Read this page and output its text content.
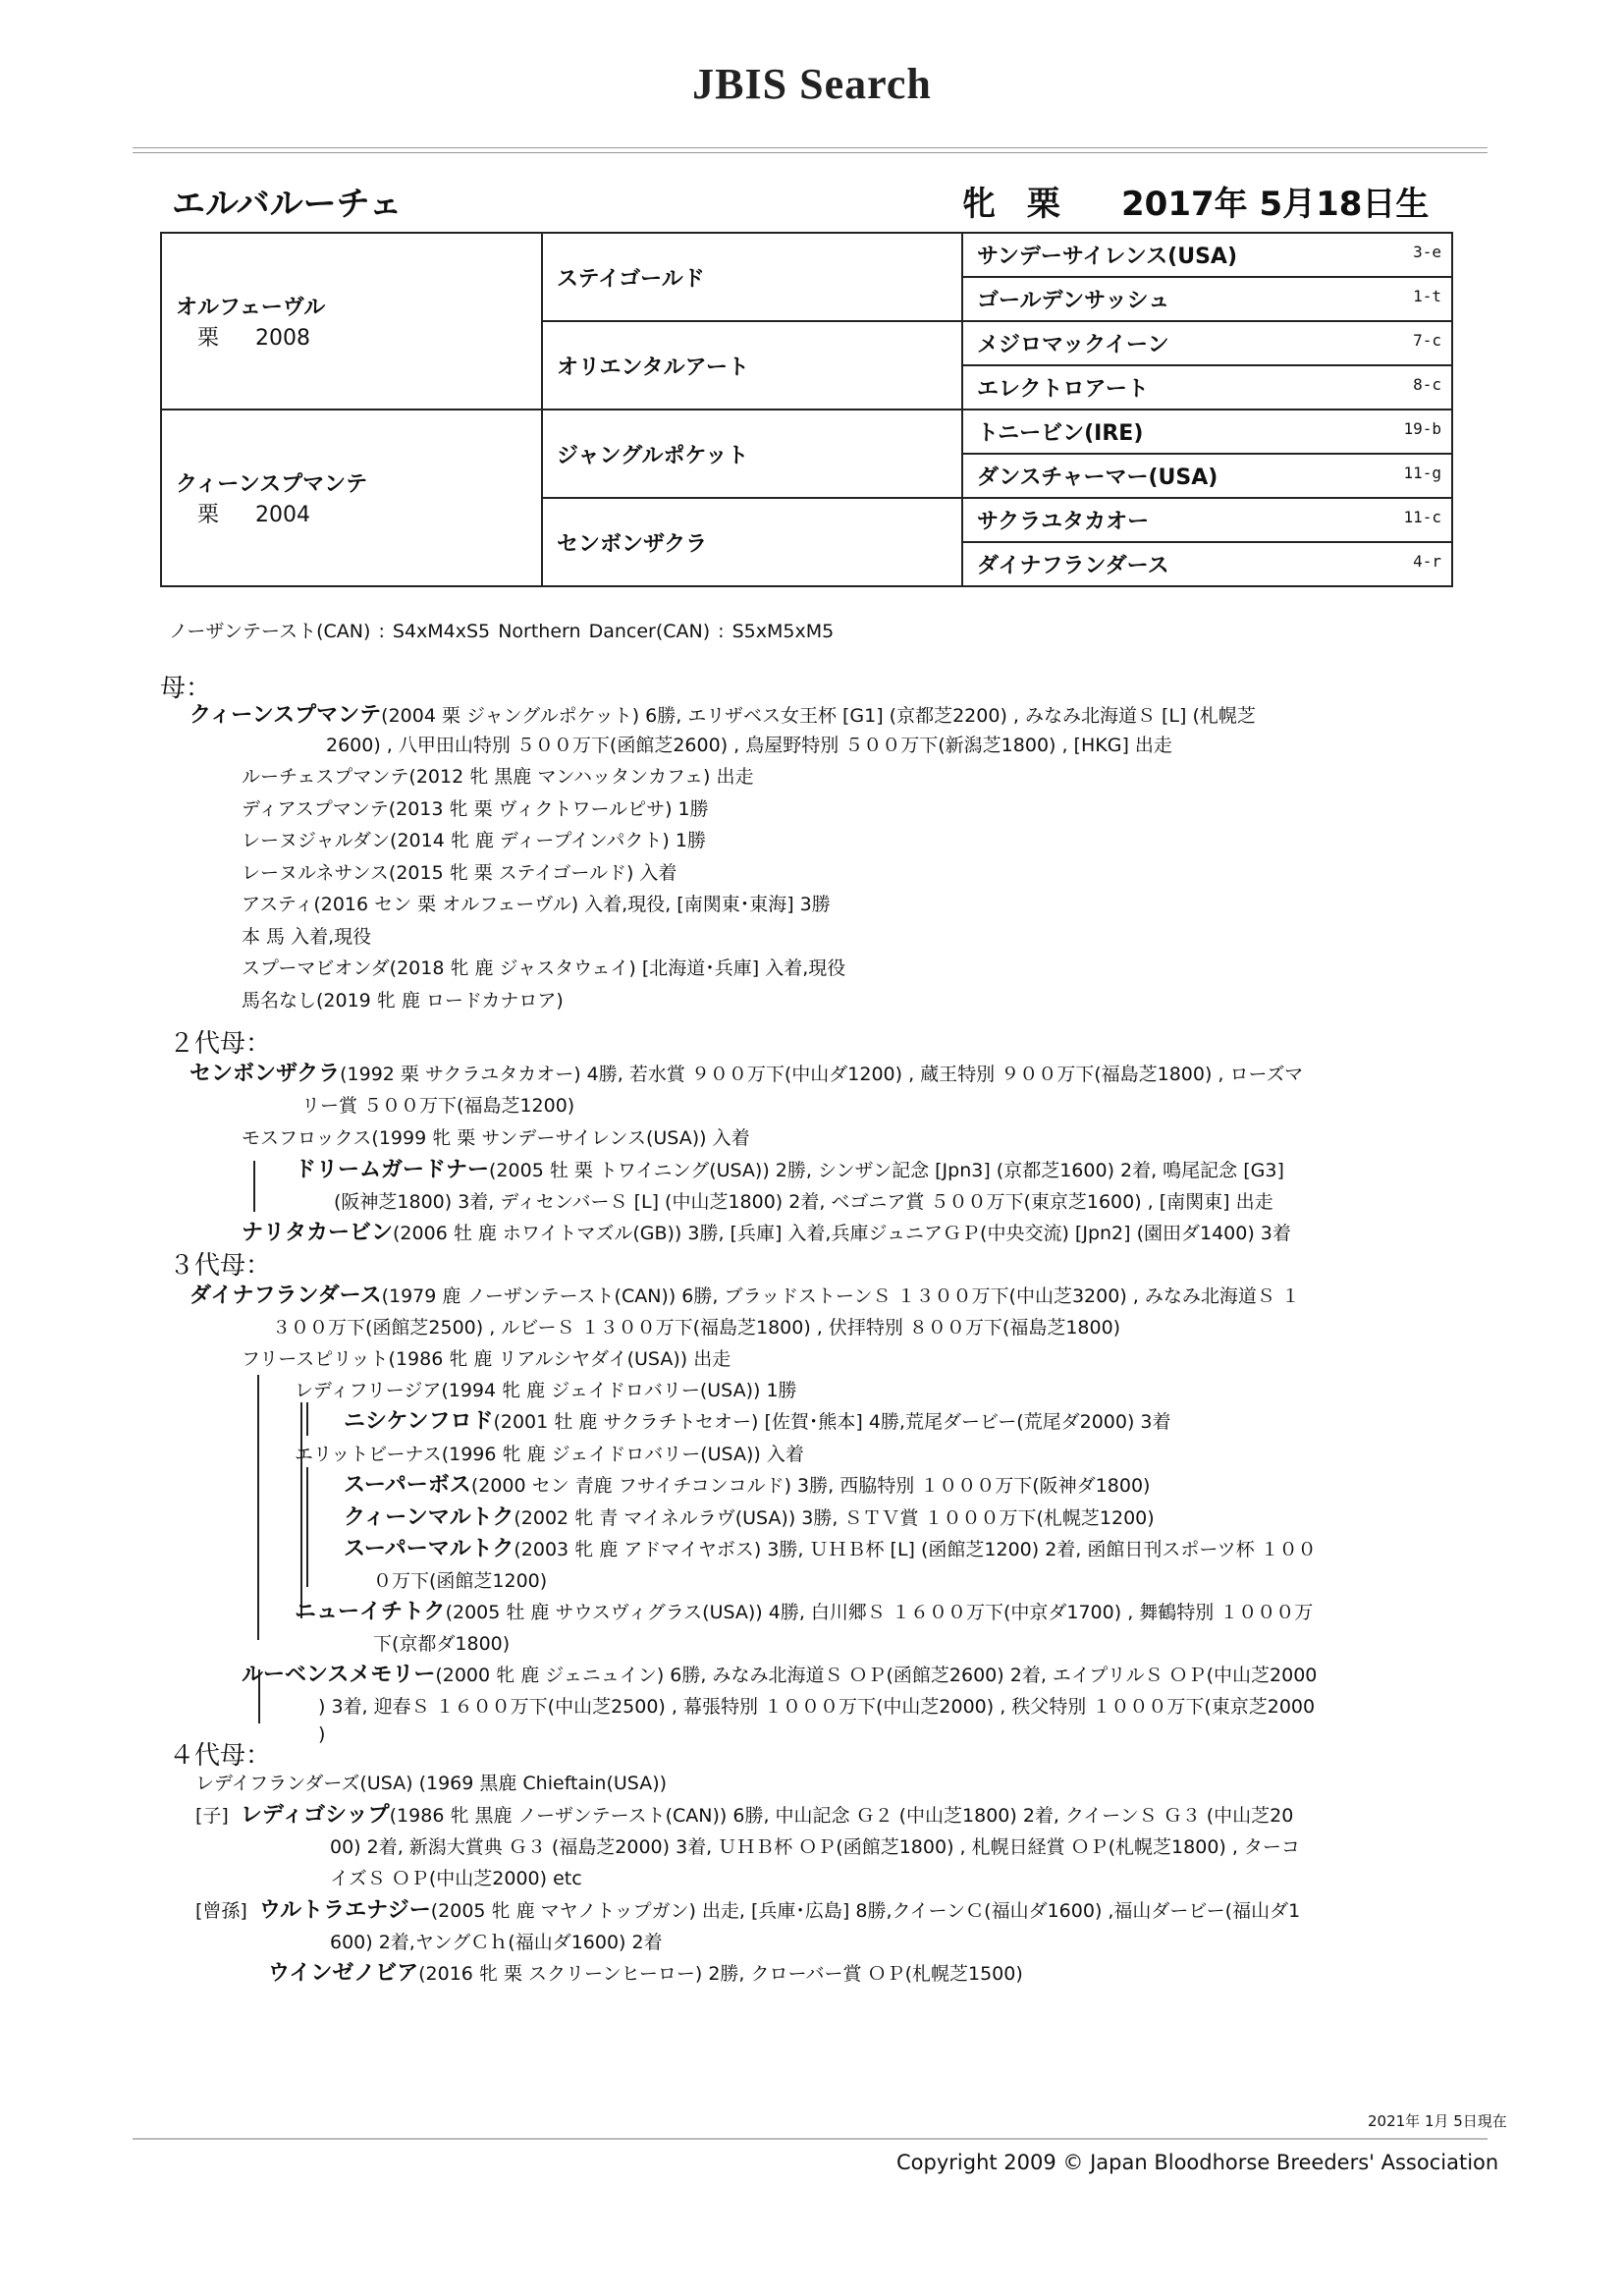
JBIS Search
エルバルーチェ	牝 栗 2017年 5月18日生
オルフェーヴル
栗 2008	ステイゴールド	サンデーサイレンス(USA) 3-e

		ゴールデンサッシュ 1-t

	オリエンタルアート	メジロマックイーン 7-c

		エレクトロアート 8-c

クィーンスプマンテ
栗 2004	ジャングルポケット	トニービン(IRE) 19-b

		ダンスチャーマー(USA) 11-g

	センボンザクラ	サクラユタカオー 11-c

		ダイナフランダース 4-r
ノーザンテースト(CAN) : S4xM4xS5 Northern Dancer(CAN) : S5xM5xM5
母：
２代母：
３代母：
４代母：
クィーンスプマンテ(2004 栗 ジャングルポケット) 6勝, エリザベス女王杯 [G1] (京都芝2200) , みなみ北海道Ｓ [L] (札幌芝
2600) , 八甲田山特別 ５００万下(函館芝2600) , 鳥屋野特別 ５００万下(新潟芝1800) , [HKG] 出走
ルーチェスプマンテ(2012 牝 黒鹿 マンハッタンカフェ) 出走
ディアスプマンテ(2013 牝 栗 ヴィクトワールピサ) 1勝
レーヌジャルダン(2014 牝 鹿 ディープインパクト) 1勝
レーヌルネサンス(2015 牝 栗 ステイゴールド) 入着
アスティ(2016 セン 栗 オルフェーヴル) 入着,現役, [南関東･東海] 3勝
本 馬 入着,現役
スプーマビオンダ(2018 牝 鹿 ジャスタウェイ) [北海道･兵庫] 入着,現役
馬名なし(2019 牝 鹿 ロードカナロア)
センボンザクラ(1992 栗 サクラユタカオー) 4勝, 若水賞 ９００万下(中山ダ1200) , 蔵王特別 ９００万下(福島芝1800) , ローズマ
リー賞 ５００万下(福島芝1200)
モスフロックス(1999 牝 栗 サンデーサイレンス(USA)) 入着
ドリームガードナー(2005 牡 栗 トワイニング(USA)) 2勝, シンザン記念 [Jpn3] (京都芝1600) 2着, 鳴尾記念 [G3]
(阪神芝1800) 3着, ディセンバーＳ [L] (中山芝1800) 2着, ベゴニア賞 ５００万下(東京芝1600) , [南関東] 出走
ナリタカービン(2006 牡 鹿 ホワイトマズル(GB)) 3勝, [兵庫] 入着,兵庫ジュニアＧＰ(中央交流) [Jpn2] (園田ダ1400) 3着
ダイナフランダース(1979 鹿 ノーザンテースト(CAN)) 6勝, ブラッドストーンＳ １３００万下(中山芝3200) , みなみ北海道Ｓ １
３００万下(函館芝2500) , ルビーＳ １３００万下(福島芝1800) , 伏拝特別 ８００万下(福島芝1800)
フリースピリット(1986 牝 鹿 リアルシヤダイ(USA)) 出走
レディフリージア(1994 牝 鹿 ジェイドロバリー(USA)) 1勝
ニシケンフロド(2001 牡 鹿 サクラチトセオー) [佐賀･熊本] 4勝,荒尾ダービー(荒尾ダ2000) 3着
エリットビーナス(1996 牝 鹿 ジェイドロバリー(USA)) 入着
スーパーボス(2000 セン 青鹿 フサイチコンコルド) 3勝, 西脇特別 １０００万下(阪神ダ1800)
クィーンマルトク(2002 牝 青 マイネルラヴ(USA)) 3勝, ＳＴＶ賞 １０００万下(札幌芝1200)
スーパーマルトク(2003 牝 鹿 アドマイヤボス) 3勝, ＵＨＢ杯 [L] (函館芝1200) 2着, 函館日刊スポーツ杯 １００
０万下(函館芝1200)
ニューイチトク(2005 牡 鹿 サウスヴィグラス(USA)) 4勝, 白川郷Ｓ １６００万下(中京ダ1700) , 舞鶴特別 １０００万
下(京都ダ1800)
ルーベンスメモリー(2000 牝 鹿 ジェニュイン) 6勝, みなみ北海道Ｓ ＯＰ(函館芝2600) 2着, エイプリルＳ ＯＰ(中山芝2000
) 3着, 迎春Ｓ １６００万下(中山芝2500) , 幕張特別 １０００万下(中山芝2000) , 秩父特別 １０００万下(東京芝2000
)
レデイフランダーズ(USA) (1969 黒鹿 Chieftain(USA))
[子] レディゴシップ(1986 牝 黒鹿 ノーザンテースト(CAN)) 6勝, 中山記念 Ｇ２ (中山芝1800) 2着, クイーンＳ Ｇ３ (中山芝20
00) 2着, 新潟大賞典 Ｇ３ (福島芝2000) 3着, ＵＨＢ杯 ＯＰ(函館芝1800) , 札幌日経賞 ＯＰ(札幌芝1800) , ターコ
イズＳ ＯＰ(中山芝2000) etc
[曾孫] ウルトラエナジー(2005 牝 鹿 マヤノトップガン) 出走, [兵庫･広島] 8勝,クイーンＣ(福山ダ1600) ,福山ダービー(福山ダ1
600) 2着,ヤングＣｈ(福山ダ1600) 2着
ウインゼノビア(2016 牝 栗 スクリーンヒーロー) 2勝, クローバー賞 ＯＰ(札幌芝1500)
2021年 1月 5日現在
Copyright 2009 © Japan Bloodhorse Breeders' Association
